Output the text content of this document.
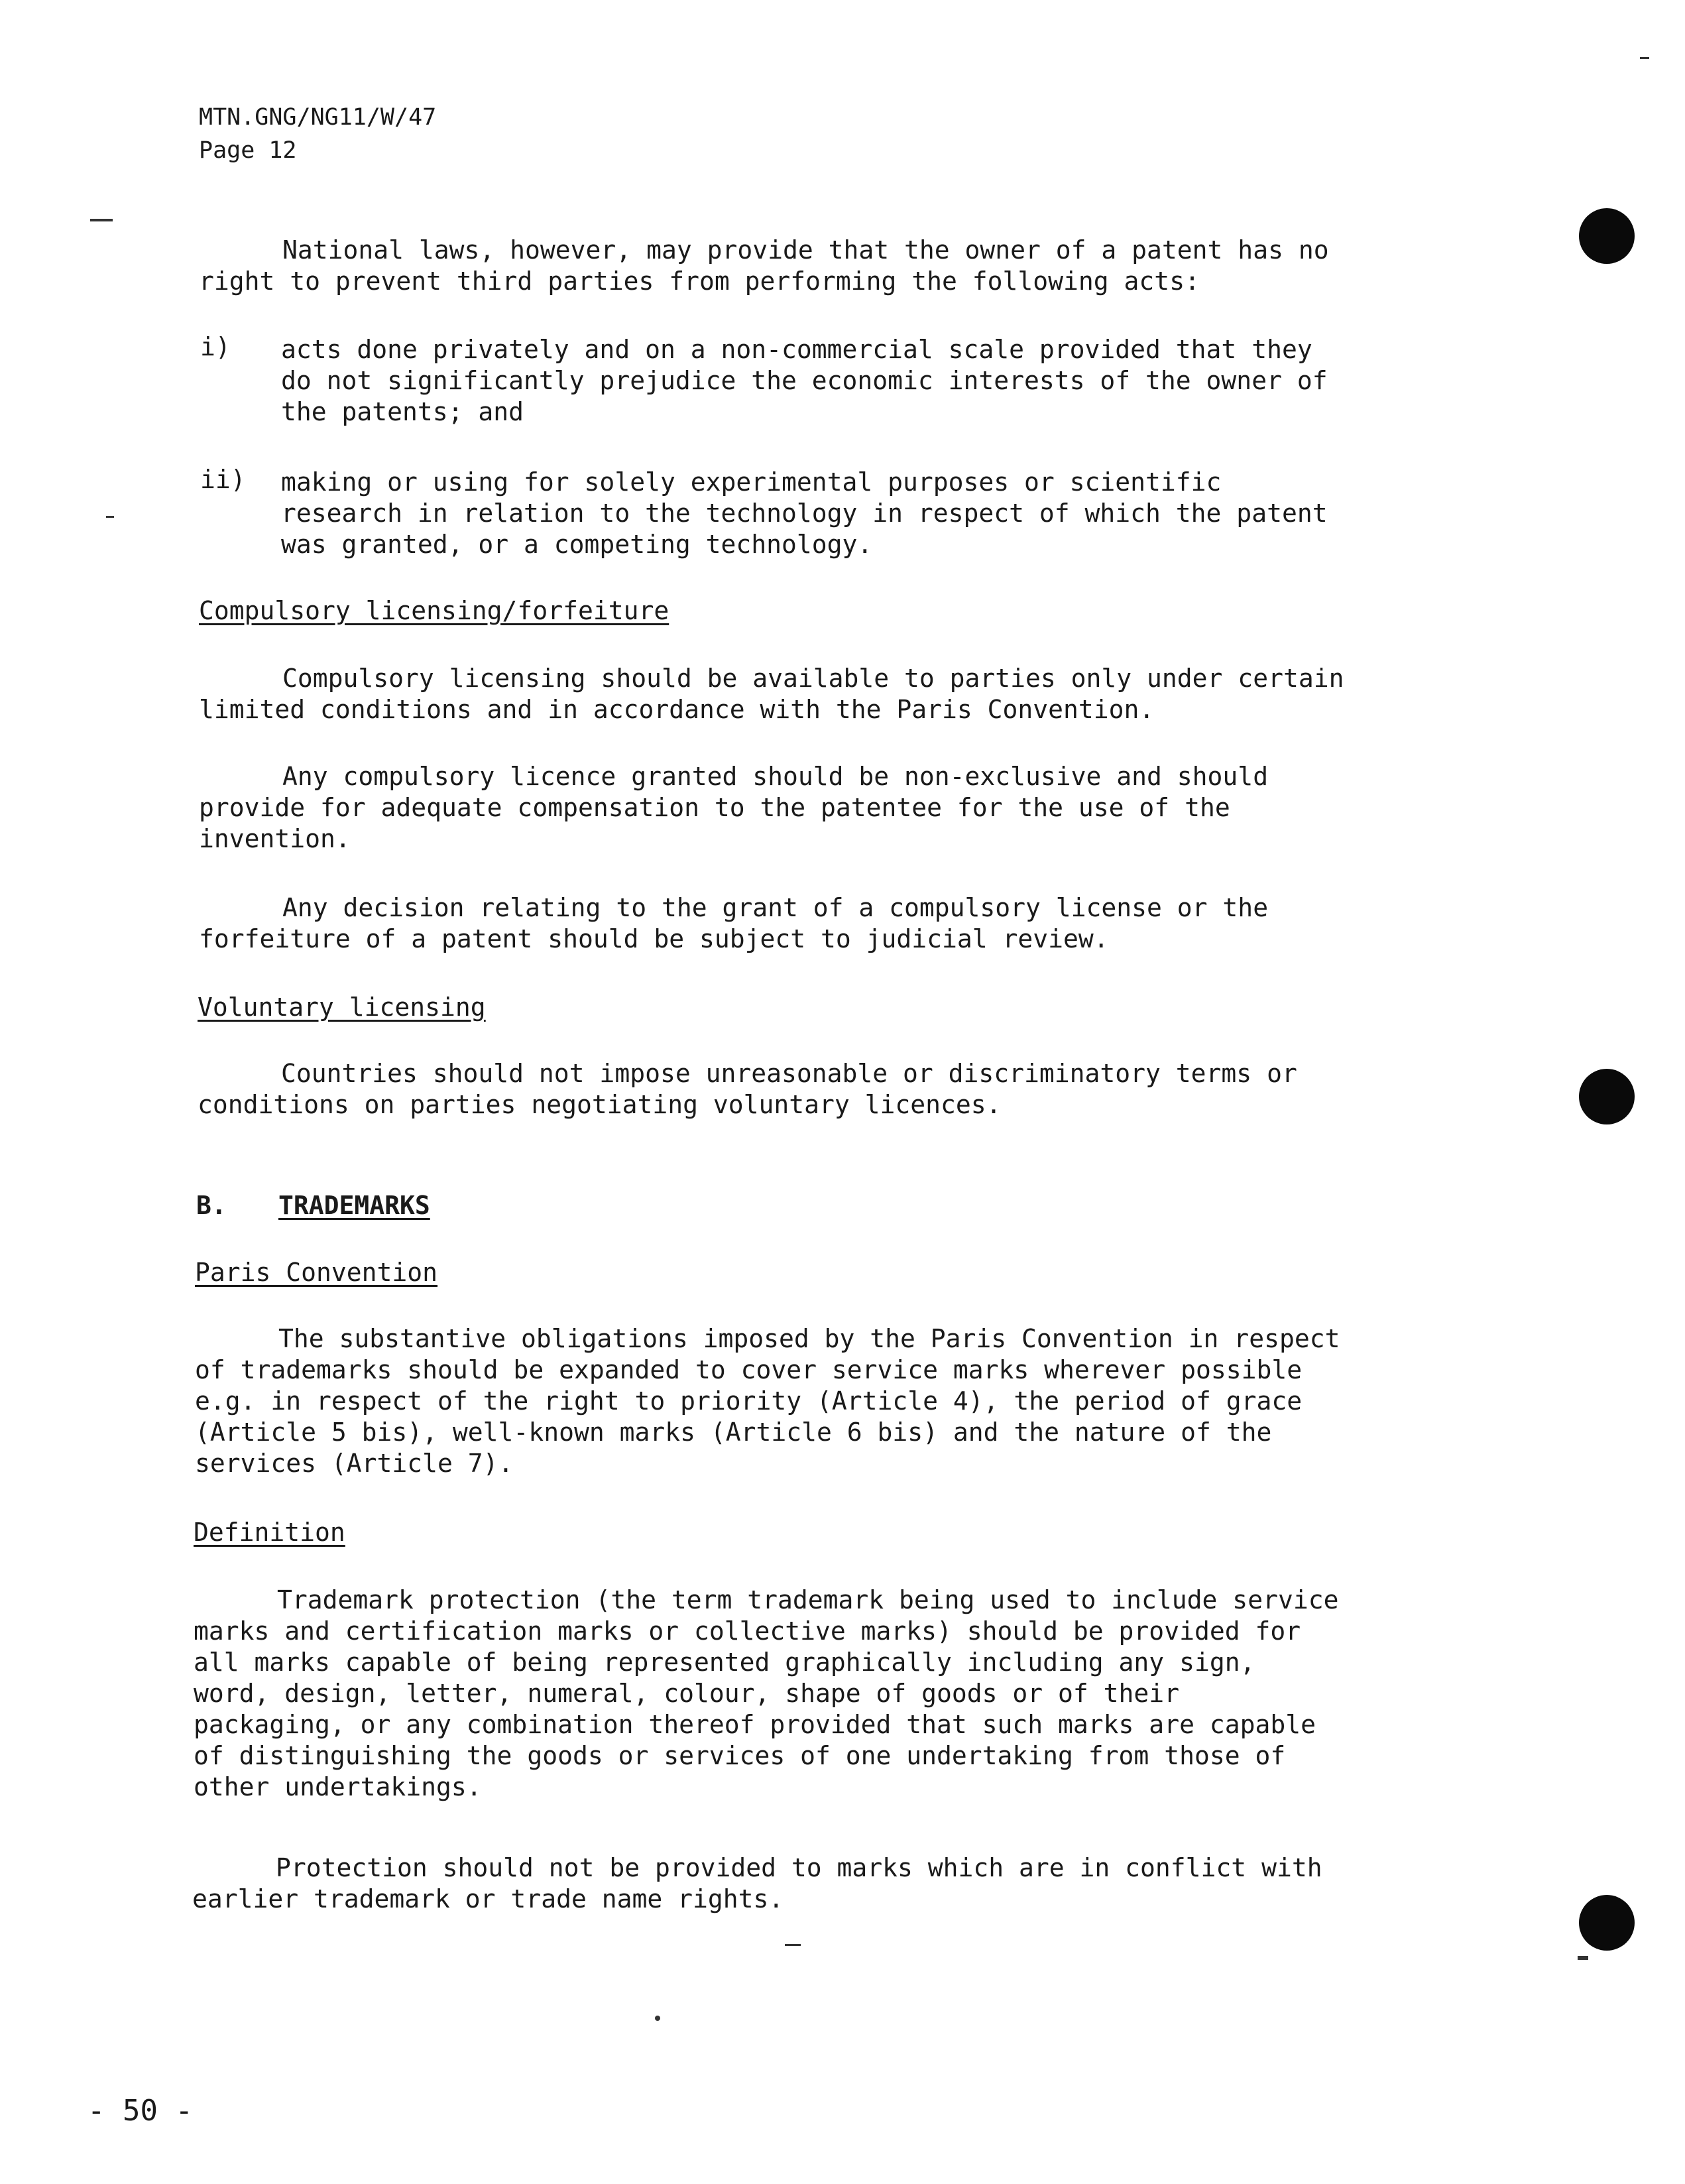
MTN.GNG/NG11/W/47
Page 12
National laws, however, may provide that the owner of a patent has no
right to prevent third parties from performing the following acts:
i) acts done privately and on a non-commercial scale provided that they
do not significantly prejudice the economic interests of the owner of
the patents; and
ii) making or using for solely experimental purposes or scientific
research in relation to the technology in respect of which the patent
was granted, or a competing technology.
Compulsory licensing/forfeiture
Compulsory licensing should be available to parties only under certain
limited conditions and in accordance with the Paris Convention.
Any compulsory licence granted should be non-exclusive and should
provide for adequate compensation to the patentee for the use of the
invention.
Any decision relating to the grant of a compulsory license or the
forfeiture of a patent should be subject to judicial review.
Voluntary licensing
Countries should not impose unreasonable or discriminatory terms or
conditions on parties negotiating voluntary licences.
B. TRADEMARKS
Paris Convention
The substantive obligations imposed by the Paris Convention in respect
of trademarks should be expanded to cover service marks wherever possible
e.g. in respect of the right to priority (Article 4), the period of grace
(Article 5 bis), well-known marks (Article 6 bis) and the nature of the
services (Article 7).
Definition
Trademark protection (the term trademark being used to include service
marks and certification marks or collective marks) should be provided for
all marks capable of being represented graphically including any sign,
word, design, letter, numeral, colour, shape of goods or of their
packaging, or any combination thereof provided that such marks are capable
of distinguishing the goods or services of one undertaking from those of
other undertakings.
Protection should not be provided to marks which are in conflict with
earlier trademark or trade name rights.
- 50 -
